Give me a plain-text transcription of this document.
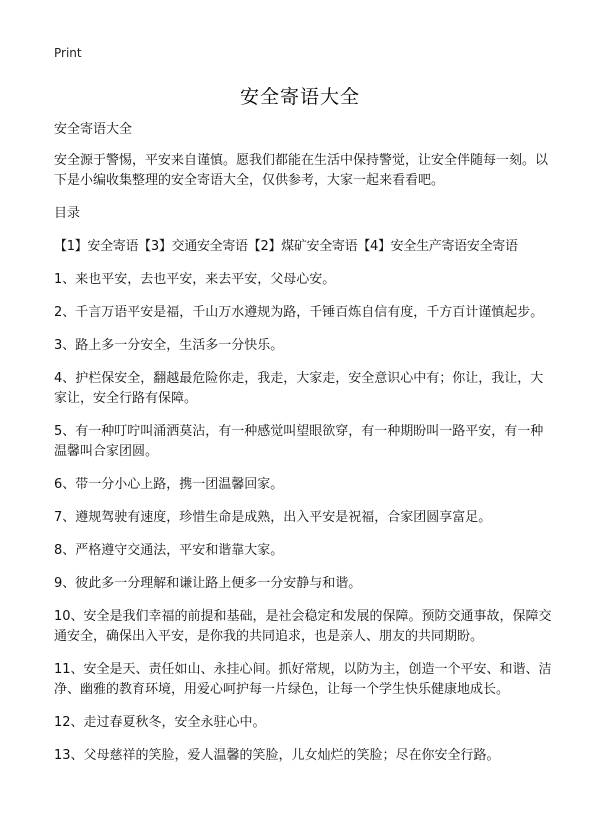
Print
安全寄语大全

安全寄语大全

安全源于警惕，平安来自谨慎。愿我们都能在生活中保持警觉，让安全伴随每一刻。以下是小编收集整理的安全寄语大全，仅供参考，大家一起来看看吧。

目录

【1】安全寄语【3】交通安全寄语【2】煤矿安全寄语【4】安全生产寄语安全寄语

1、来也平安，去也平安，来去平安，父母心安。

2、千言万语平安是福，千山万水遵规为路，千锤百炼自信有度，千方百计谨慎起步。

3、路上多一分安全，生活多一分快乐。

4、护栏保安全，翻越最危险你走，我走，大家走，安全意识心中有；你让，我让，大家让，安全行路有保障。

5、有一种叮咛叫涌洒莫沾，有一种感觉叫望眼欲穿，有一种期盼叫一路平安，有一种温馨叫合家团圆。

6、带一分小心上路，携一团温馨回家。

7、遵规驾驶有速度，珍惜生命是成熟，出入平安是祝福，合家团圆享富足。

8、严格遵守交通法，平安和谐靠大家。

9、彼此多一分理解和谦让路上便多一分安静与和谐。

10、安全是我们幸福的前提和基础，是社会稳定和发展的保障。预防交通事故，保障交通安全，确保出入平安，是你我的共同追求，也是亲人、朋友的共同期盼。

11、安全是天、责任如山、永挂心间。抓好常规，以防为主，创造一个平安、和谐、洁净、幽雅的教育环境，用爱心呵护每一片绿色，让每一个学生快乐健康地成长。

12、走过春夏秋冬，安全永驻心中。

13、父母慈祥的笑脸，爱人温馨的笑脸，儿女灿烂的笑脸；尽在你安全行路。
